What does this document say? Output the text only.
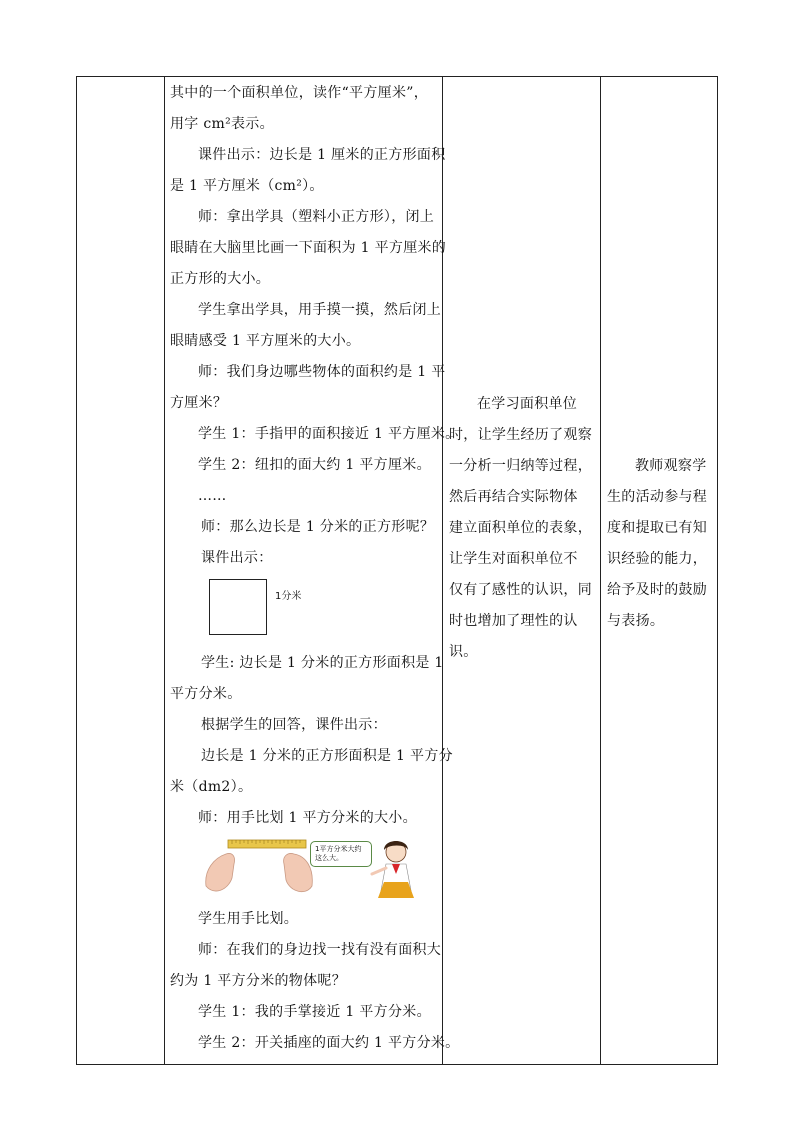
其中的一个面积单位，读作“平方厘米”，

用字 cm²表示。

课件出示：边长是 1 厘米的正方形面积

是 1 平方厘米（cm²）。

师：拿出学具（塑料小正方形），闭上

眼睛在大脑里比画一下面积为 1 平方厘米的

正方形的大小。

学生拿出学具，用手摸一摸，然后闭上

眼睛感受 1 平方厘米的大小。

师：我们身边哪些物体的面积约是 1 平

方厘米？

学生 1：手指甲的面积接近 1 平方厘米。

学生 2：纽扣的面大约 1 平方厘米。

……

师：那么边长是 1 分米的正方形呢？

课件出示：

1分米

学生: 边长是 1 分米的正方形面积是 1

平方分米。

根据学生的回答，课件出示：

边长是 1 分米的正方形面积是 1 平方分

米（dm2）。

师：用手比划 1 平方分米的大小。

1平方分米大约这么大。

学生用手比划。

师：在我们的身边找一找有没有面积大

约为 1 平方分米的物体呢？

学生 1：我的手掌接近 1 平方分米。

学生 2：开关插座的面大约 1 平方分米。

在学习面积单位

时，让学生经历了观察

一分析一归纳等过程，

然后再结合实际物体

建立面积单位的表象，

让学生对面积单位不

仅有了感性的认识，同

时也增加了理性的认

识。

教师观察学

生的活动参与程

度和提取已有知

识经验的能力，

给予及时的鼓励

与表扬。
